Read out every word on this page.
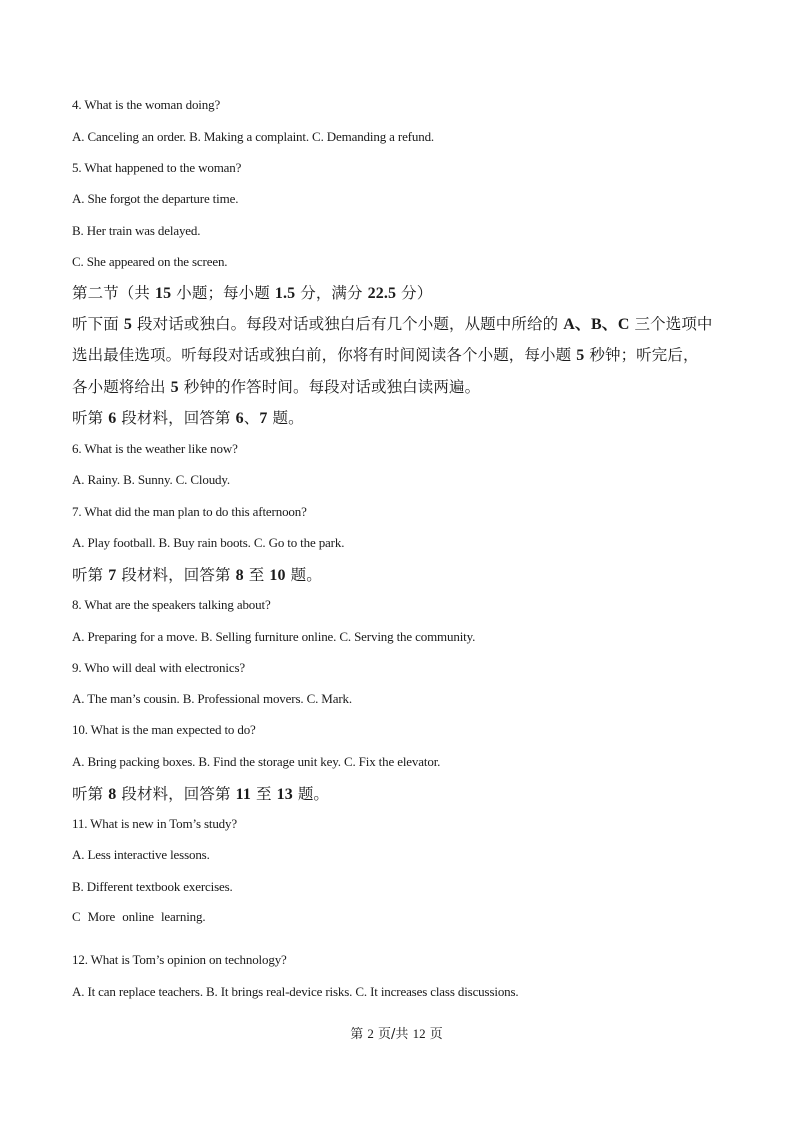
4. What is the woman doing?
A. Canceling an order. B. Making a complaint. C. Demanding a refund.
5. What happened to the woman?
A. She forgot the departure time.
B. Her train was delayed.
C. She appeared on the screen.
第二节（共 15 小题；每小题 1.5 分，满分 22.5 分）
听下面 5 段对话或独白。每段对话或独白后有几个小题，从题中所给的 A、B、C 三个选项中
选出最佳选项。听每段对话或独白前，你将有时间阅读各个小题，每小题 5 秒钟；听完后，
各小题将给出 5 秒钟的作答时间。每段对话或独白读两遍。
听第 6 段材料，回答第 6、7 题。
6. What is the weather like now?
A. Rainy. B. Sunny. C. Cloudy.
7. What did the man plan to do this afternoon?
A. Play football. B. Buy rain boots. C. Go to the park.
听第 7 段材料，回答第 8 至 10 题。
8. What are the speakers talking about?
A. Preparing for a move. B. Selling furniture online. C. Serving the community.
9. Who will deal with electronics?
A. The man’s cousin. B. Professional movers. C. Mark.
10. What is the man expected to do?
A. Bring packing boxes. B. Find the storage unit key. C. Fix the elevator.
听第 8 段材料，回答第 11 至 13 题。
11. What is new in Tom’s study?
A. Less interactive lessons.
B. Different textbook exercises.
C More online learning.
12. What is Tom’s opinion on technology?
A. It can replace teachers. B. It brings real-device risks. C. It increases class discussions.
第 2 页/共 12 页
